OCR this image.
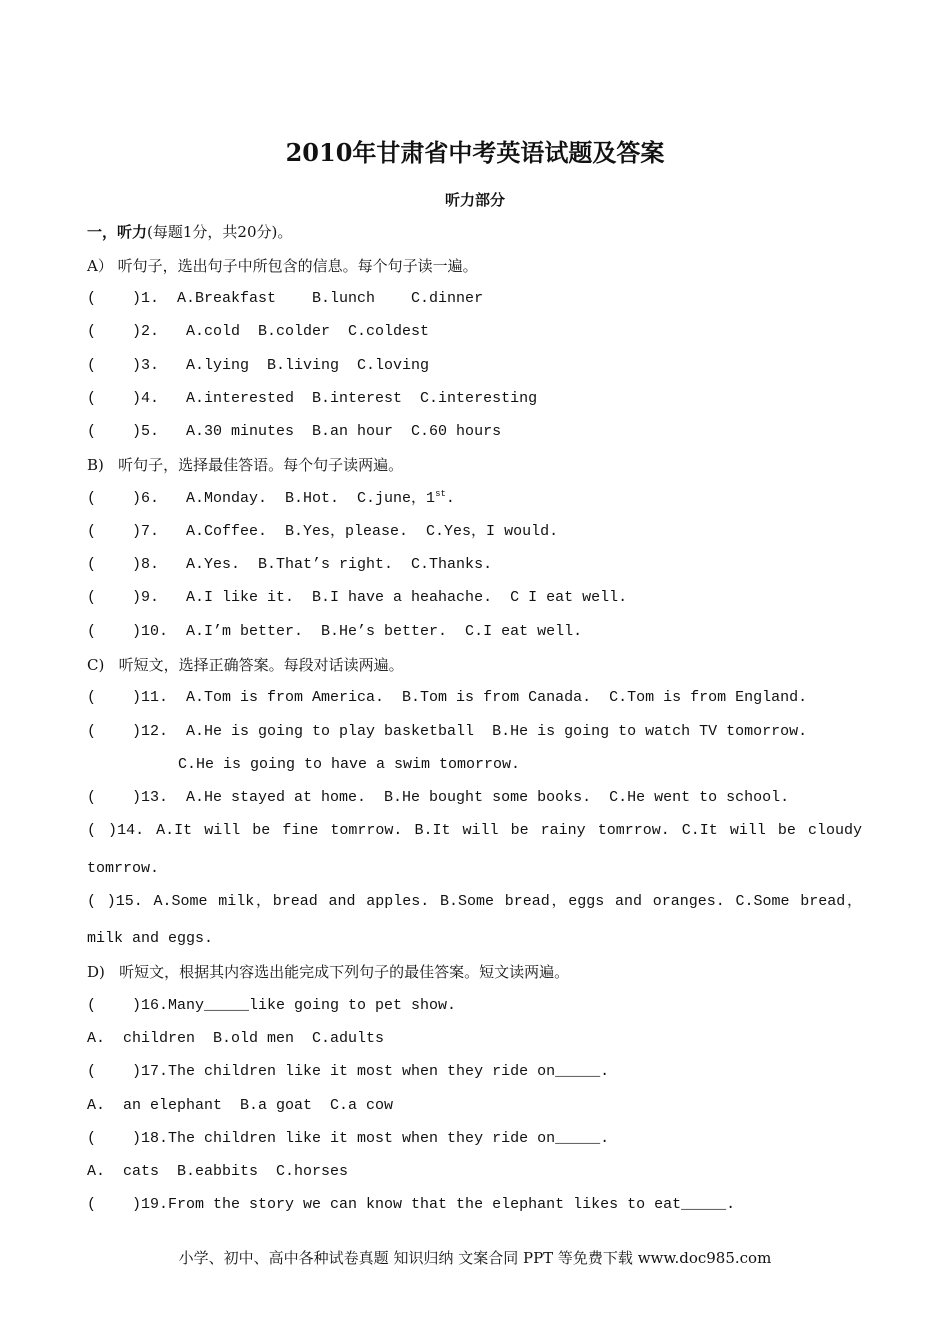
2010年甘肃省中考英语试题及答案
听力部分
一，听力(每题1分，共20分)。
A） 听句子，选出句子中所包含的信息。每个句子读一遍。
(    )1.  A.Breakfast    B.lunch    C.dinner
(    )2.   A.cold  B.colder  C.coldest
(    )3.   A.lying  B.living  C.loving
(    )4.   A.interested  B.interest  C.interesting
(    )5.   A.30 minutes  B.an hour  C.60 hours
B)   听句子，选择最佳答语。每个句子读两遍。
(    )6.   A.Monday.  B.Hot.  C.june，1st.
(    )7.   A.Coffee.  B.Yes，please.  C.Yes，I would.
(    )8.   A.Yes.  B.That’s right.  C.Thanks.
(    )9.   A.I like it.  B.I have a heahache.  C I eat well.
(    )10.  A.I’m better.  B.He’s better.  C.I eat well.
C)   听短文，选择正确答案。每段对话读两遍。
(    )11.  A.Tom is from America.  B.Tom is from Canada.  C.Tom is from England.
(    )12.  A.He is going to play basketball  B.He is going to watch TV tomorrow.
C.He is going to have a swim tomorrow.
(    )13.  A.He stayed at home.  B.He bought some books.  C.He went to school.
( )14. A.It will be fine tomrrow. B.It will be rainy tomrrow. C.It will be cloudy
tomrrow.
( )15. A.Some milk，bread and apples. B.Some bread，eggs and oranges. C.Some bread，
milk and eggs.
D)   听短文，根据其内容选出能完成下列句子的最佳答案。短文读两遍。
(    )16.Many_____like going to pet show.
A.  children  B.old men  C.adults
(    )17.The children like it most when they ride on_____.
A.  an elephant  B.a goat  C.a cow
(    )18.The children like it most when they ride on_____.
A.  cats  B.eabbits  C.horses
(    )19.From the story we can know that the elephant likes to eat_____.
小学、初中、高中各种试卷真题 知识归纳 文案合同 PPT 等免费下载 www.doc985.com
